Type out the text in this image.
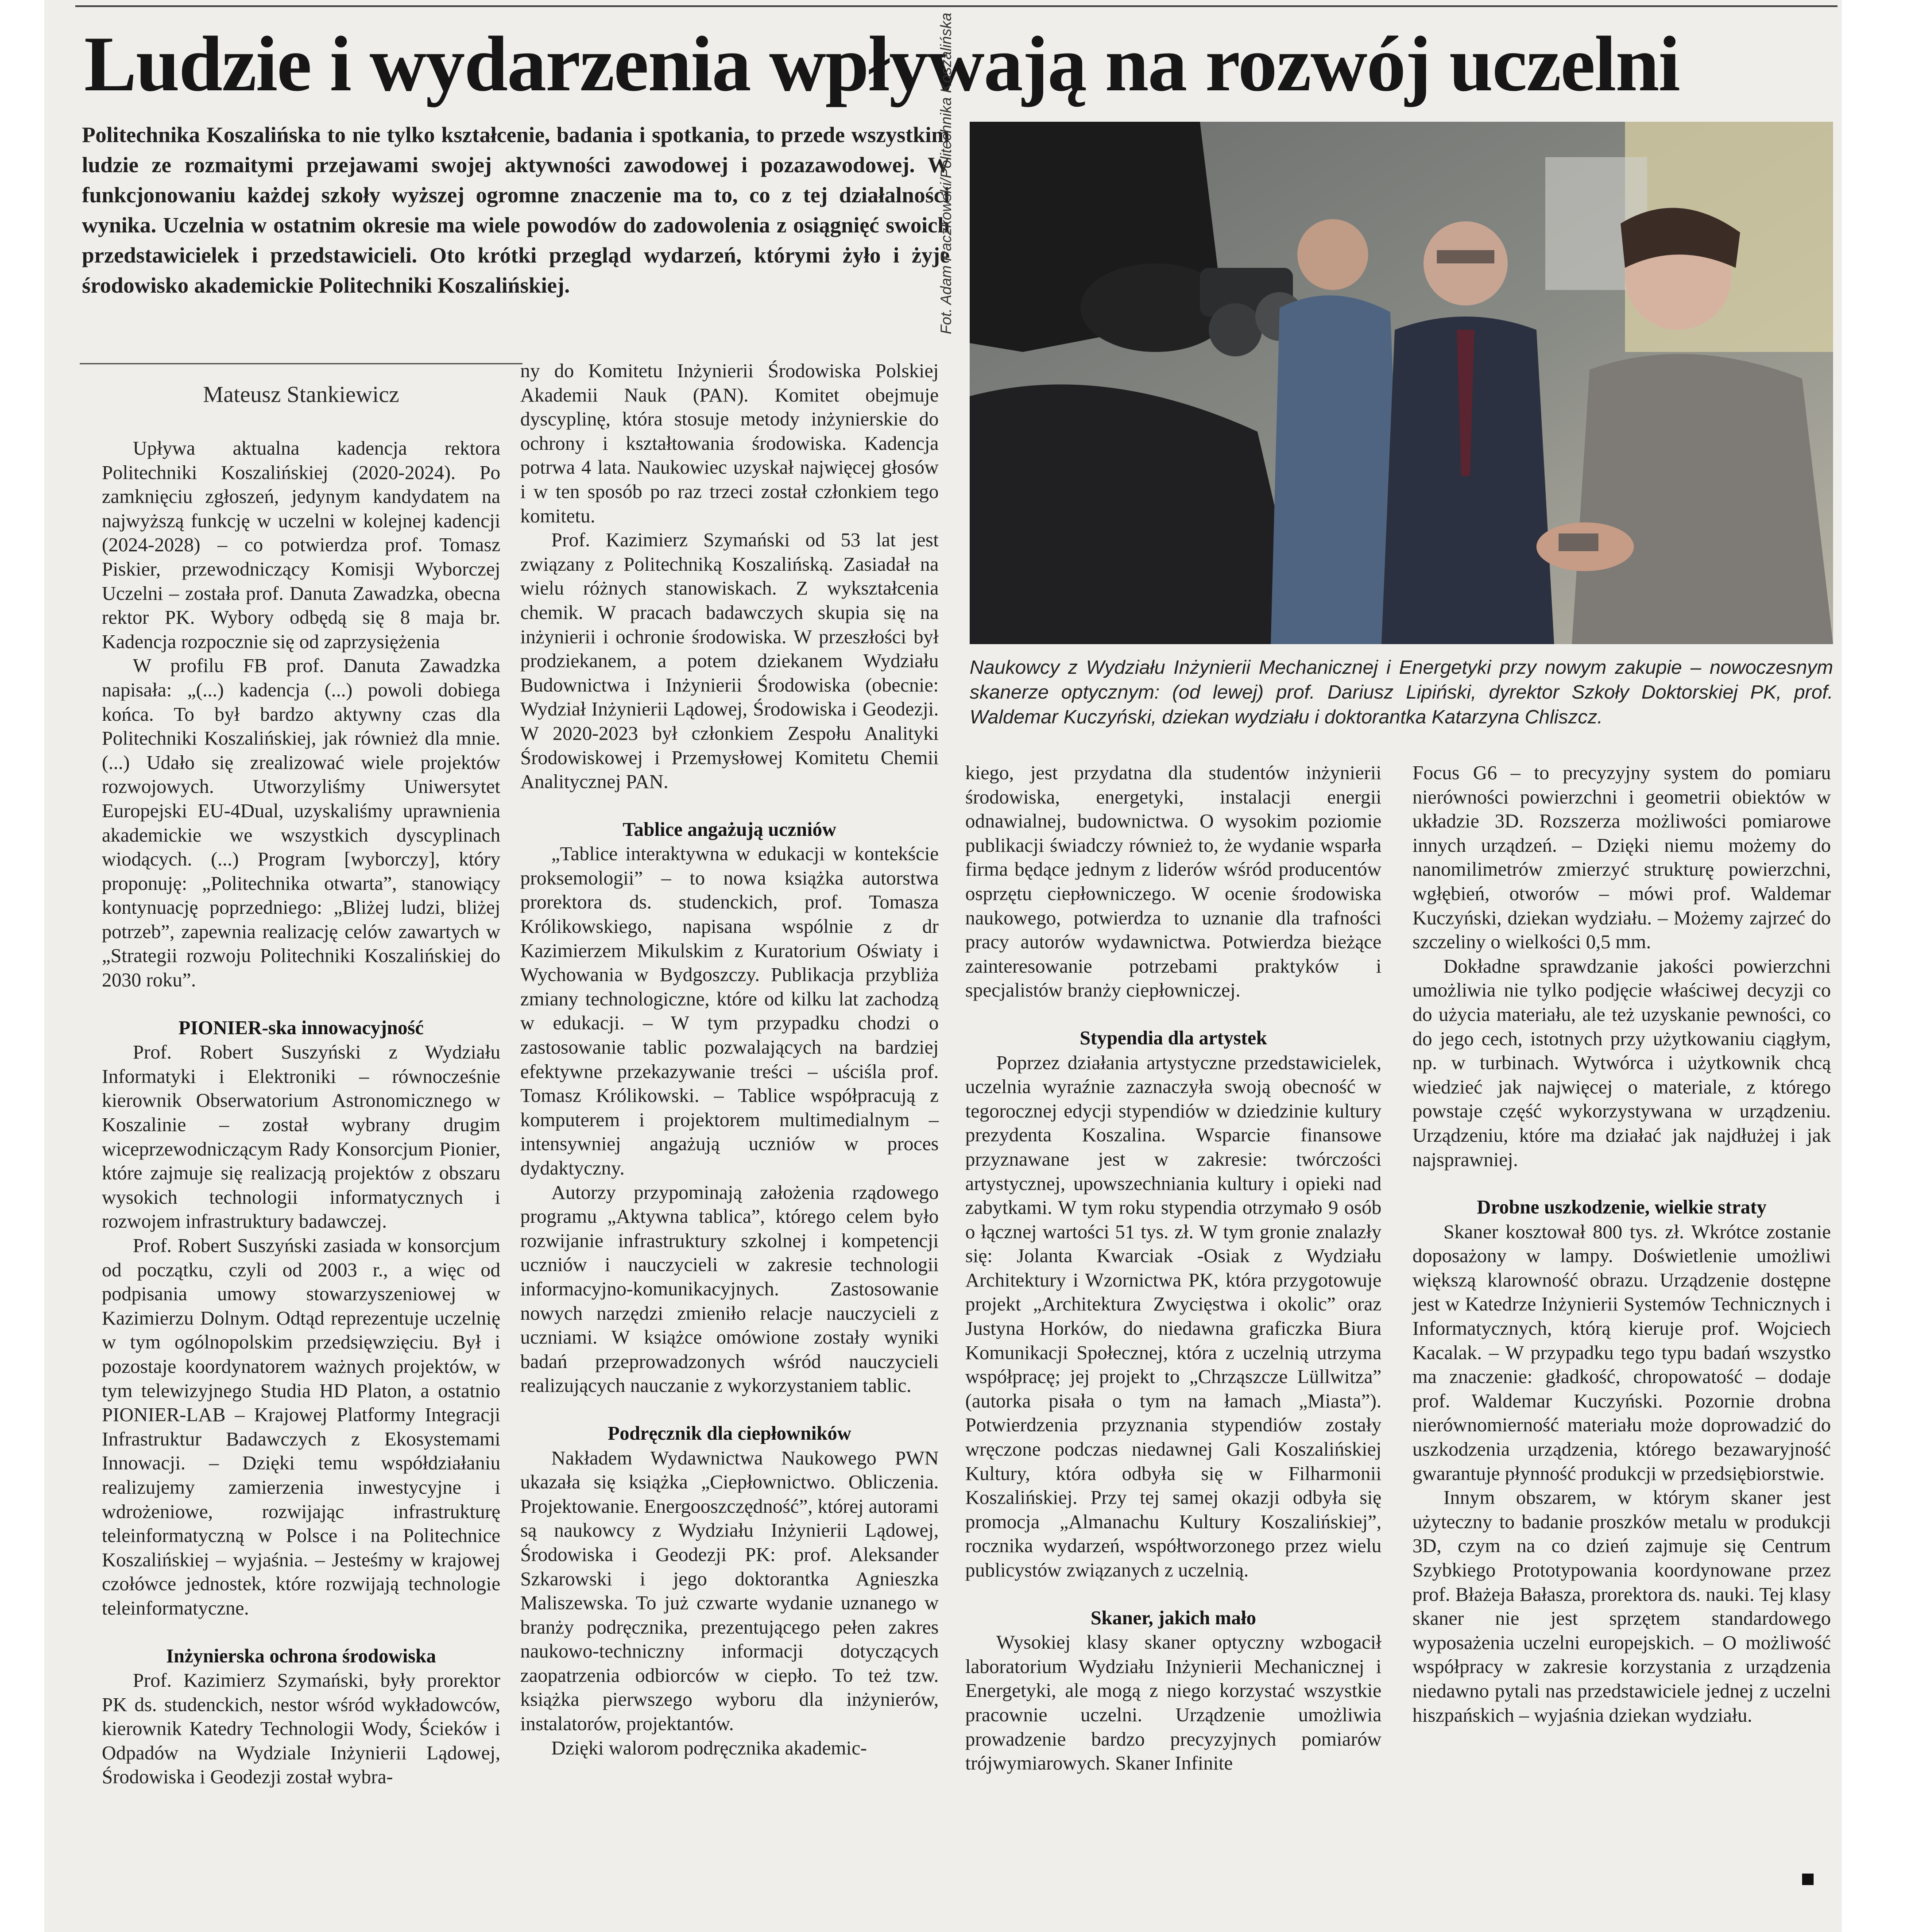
Ludzie i wydarzenia wpływają na rozwój uczelni
Politechnika Koszalińska to nie tylko kształcenie, badania i spotkania, to przede wszystkim ludzie ze rozmaitymi przejawami swojej aktywności zawodowej i pozazawodowej. W funkcjonowaniu każdej szkoły wyższej ogromne znaczenie ma to, co z tej działalności wynika. Uczelnia w ostatnim okresie ma wiele powodów do zadowolenia z osiągnięć swoich przedstawicielek i przedstawicieli. Oto krótki przegląd wydarzeń, którymi żyło i żyje środowisko akademickie Politechniki Koszalińskiej.
Mateusz Stankiewicz
Fot. Adam Paczkowski/Politechnika Koszalińska
Naukowcy z Wydziału Inżynierii Mechanicznej i Energetyki przy nowym zakupie – nowoczesnym skanerze optycznym: (od lewej) prof. Dariusz Lipiński, dyrektor Szkoły Doktorskiej PK, prof. Waldemar Kuczyński, dziekan wydziału i doktorantka Katarzyna Chliszcz.

Upływa aktualna kadencja rektora Politechniki Koszalińskiej (2020-2024). Po zamknięciu zgłoszeń, jedynym kandydatem na najwyższą funkcję w uczelni w kolejnej kadencji (2024-2028) – co potwierdza prof. Tomasz Piskier, przewodniczący Komisji Wyborczej Uczelni – została prof. Danuta Zawadzka, obecna rektor PK. Wybory odbędą się 8 maja br. Kadencja rozpocznie się od zaprzysiężenia

W profilu FB prof. Danuta Zawadzka napisała: „(...) kadencja (...) powoli dobiega końca. To był bardzo aktywny czas dla Politechniki Koszalińskiej, jak również dla mnie. (...) Udało się zrealizować wiele projektów rozwojowych. Utworzyliśmy Uniwersytet Europejski EU-4Dual, uzyskaliśmy uprawnienia akademickie we wszystkich dyscyplinach wiodących. (...) Program [wyborczy], który proponuję: „Politechnika otwarta”, stanowiący kontynuację poprzedniego: „Bliżej ludzi, bliżej potrzeb”, zapewnia realizację celów zawartych w „Strategii rozwoju Politechniki Koszalińskiej do 2030 roku”.

PIONIER-ska innowacyjność

Prof. Robert Suszyński z Wydziału Informatyki i Elektroniki – równocześnie kierownik Obserwatorium Astronomicznego w Koszalinie – został wybrany drugim wiceprzewodniczącym Rady Konsorcjum Pionier, które zajmuje się realizacją projektów z obszaru wysokich technologii informatycznych i rozwojem infrastruktury badawczej.

Prof. Robert Suszyński zasiada w konsorcjum od początku, czyli od 2003 r., a więc od podpisania umowy stowarzyszeniowej w Kazimierzu Dolnym. Odtąd reprezentuje uczelnię w tym ogólnopolskim przedsięwzięciu. Był i pozostaje koordynatorem ważnych projektów, w tym telewizyjnego Studia HD Platon, a ostatnio PIONIER-LAB – Krajowej Platformy Integracji Infrastruktur Badawczych z Ekosystemami Innowacji. – Dzięki temu współdziałaniu realizujemy zamierzenia inwestycyjne i wdrożeniowe, rozwijając infrastrukturę teleinformatyczną w Polsce i na Politechnice Koszalińskiej – wyjaśnia. – Jesteśmy w krajowej czołówce jednostek, które rozwijają technologie teleinformatyczne.

Inżynierska ochrona środowiska

Prof. Kazimierz Szymański, były prorektor PK ds. studenckich, nestor wśród wykładowców, kierownik Katedry Technologii Wody, Ścieków i Odpadów na Wydziale Inżynierii Lądowej, Środowiska i Geodezji został wybra-

ny do Komitetu Inżynierii Środowiska Polskiej Akademii Nauk (PAN). Komitet obejmuje dyscyplinę, która stosuje metody inżynierskie do ochrony i kształtowania środowiska. Kadencja potrwa 4 lata. Naukowiec uzyskał najwięcej głosów i w ten sposób po raz trzeci został członkiem tego komitetu.

Prof. Kazimierz Szymański od 53 lat jest związany z Politechniką Koszalińską. Zasiadał na wielu różnych stanowiskach. Z wykształcenia chemik. W pracach badawczych skupia się na inżynierii i ochronie środowiska. W przeszłości był prodziekanem, a potem dziekanem Wydziału Budownictwa i Inżynierii Środowiska (obecnie: Wydział Inżynierii Lądowej, Środowiska i Geodezji. W 2020-2023 był członkiem Zespołu Analityki Środowiskowej i Przemysłowej Komitetu Chemii Analitycznej PAN.

Tablice angażują uczniów

„Tablice interaktywna w edukacji w kontekście proksemologii” – to nowa książka autorstwa prorektora ds. studenckich, prof. Tomasza Królikowskiego, napisana wspólnie z dr Kazimierzem Mikulskim z Kuratorium Oświaty i Wychowania w Bydgoszczy. Publikacja przybliża zmiany technologiczne, które od kilku lat zachodzą w edukacji. – W tym przypadku chodzi o zastosowanie tablic pozwalających na bardziej efektywne przekazywanie treści – uściśla prof. Tomasz Królikowski. – Tablice współpracują z komputerem i projektorem multimedialnym – intensywniej angażują uczniów w proces dydaktyczny.

Autorzy przypominają założenia rządowego programu „Aktywna tablica”, którego celem było rozwijanie infrastruktury szkolnej i kompetencji uczniów i nauczycieli w zakresie technologii informacyjno-komunikacyjnych. Zastosowanie nowych narzędzi zmieniło relacje nauczycieli z uczniami. W książce omówione zostały wyniki badań przeprowadzonych wśród nauczycieli realizujących nauczanie z wykorzystaniem tablic.

Podręcznik dla ciepłowników

Nakładem Wydawnictwa Naukowego PWN ukazała się książka „Ciepłownictwo. Obliczenia. Projektowanie. Energooszczędność”, której autorami są naukowcy z Wydziału Inżynierii Lądowej, Środowiska i Geodezji PK: prof. Aleksander Szkarowski i jego doktorantka Agnieszka Maliszewska. To już czwarte wydanie uznanego w branży podręcznika, prezentującego pełen zakres naukowo-techniczny informacji dotyczących zaopatrzenia odbiorców w ciepło. To też tzw. książka pierwszego wyboru dla inżynierów, instalatorów, projektantów.

Dzięki walorom podręcznika akademic-

kiego, jest przydatna dla studentów inżynierii środowiska, energetyki, instalacji energii odnawialnej, budownictwa. O wysokim poziomie publikacji świadczy również to, że wydanie wsparła firma będące jednym z liderów wśród producentów osprzętu ciepłowniczego. W ocenie środowiska naukowego, potwierdza to uznanie dla trafności pracy autorów wydawnictwa. Potwierdza bieżące zainteresowanie potrzebami praktyków i specjalistów branży ciepłowniczej.

Stypendia dla artystek

Poprzez działania artystyczne przedstawicielek, uczelnia wyraźnie zaznaczyła swoją obecność w tegorocznej edycji stypendiów w dziedzinie kultury prezydenta Koszalina. Wsparcie finansowe przyznawane jest w zakresie: twórczości artystycznej, upowszechniania kultury i opieki nad zabytkami. W tym roku stypendia otrzymało 9 osób o łącznej wartości 51 tys. zł. W tym gronie znalazły się: Jolanta Kwarciak -Osiak z Wydziału Architektury i Wzornictwa PK, która przygotowuje projekt „Architektura Zwycięstwa i okolic” oraz Justyna Horków, do niedawna graficzka Biura Komunikacji Społecznej, która z uczelnią utrzyma współpracę; jej projekt to „Chrząszcze Lüllwitza” (autorka pisała o tym na łamach „Miasta”). Potwierdzenia przyznania stypendiów zostały wręczone podczas niedawnej Gali Koszalińskiej Kultury, która odbyła się w Filharmonii Koszalińskiej. Przy tej samej okazji odbyła się promocja „Almanachu Kultury Koszalińskiej”, rocznika wydarzeń, współtworzonego przez wielu publicystów związanych z uczelnią.

Skaner, jakich mało

Wysokiej klasy skaner optyczny wzbogacił laboratorium Wydziału Inżynierii Mechanicznej i Energetyki, ale mogą z niego korzystać wszystkie pracownie uczelni. Urządzenie umożliwia prowadzenie bardzo precyzyjnych pomiarów trójwymiarowych. Skaner Infinite

Focus G6 – to precyzyjny system do pomiaru nierówności powierzchni i geometrii obiektów w układzie 3D. Rozszerza możliwości pomiarowe innych urządzeń. – Dzięki niemu możemy do nanomilimetrów zmierzyć strukturę powierzchni, wgłębień, otworów – mówi prof. Waldemar Kuczyński, dziekan wydziału. – Możemy zajrzeć do szczeliny o wielkości 0,5 mm.

Dokładne sprawdzanie jakości powierzchni umożliwia nie tylko podjęcie właściwej decyzji co do użycia materiału, ale też uzyskanie pewności, co do jego cech, istotnych przy użytkowaniu ciągłym, np. w turbinach. Wytwórca i użytkownik chcą wiedzieć jak najwięcej o materiale, z którego powstaje część wykorzystywana w urządzeniu. Urządzeniu, które ma działać jak najdłużej i jak najsprawniej.

Drobne uszkodzenie, wielkie straty

Skaner kosztował 800 tys. zł. Wkrótce zostanie doposażony w lampy. Doświetlenie umożliwi większą klarowność obrazu. Urządzenie dostępne jest w Katedrze Inżynierii Systemów Technicznych i Informatycznych, którą kieruje prof. Wojciech Kacalak. – W przypadku tego typu badań wszystko ma znaczenie: gładkość, chropowatość – dodaje prof. Waldemar Kuczyński. Pozornie drobna nierównomierność materiału może doprowadzić do uszkodzenia urządzenia, którego bezawaryjność gwarantuje płynność produkcji w przedsiębiorstwie.

Innym obszarem, w którym skaner jest użyteczny to badanie proszków metalu w produkcji 3D, czym na co dzień zajmuje się Centrum Szybkiego Prototypowania koordynowane przez prof. Błażeja Bałasza, prorektora ds. nauki. Tej klasy skaner nie jest sprzętem standardowego wyposażenia uczelni europejskich. – O możliwość współpracy w zakresie korzystania z urządzenia niedawno pytali nas przedstawiciele jednej z uczelni hiszpańskich – wyjaśnia dziekan wydziału.
